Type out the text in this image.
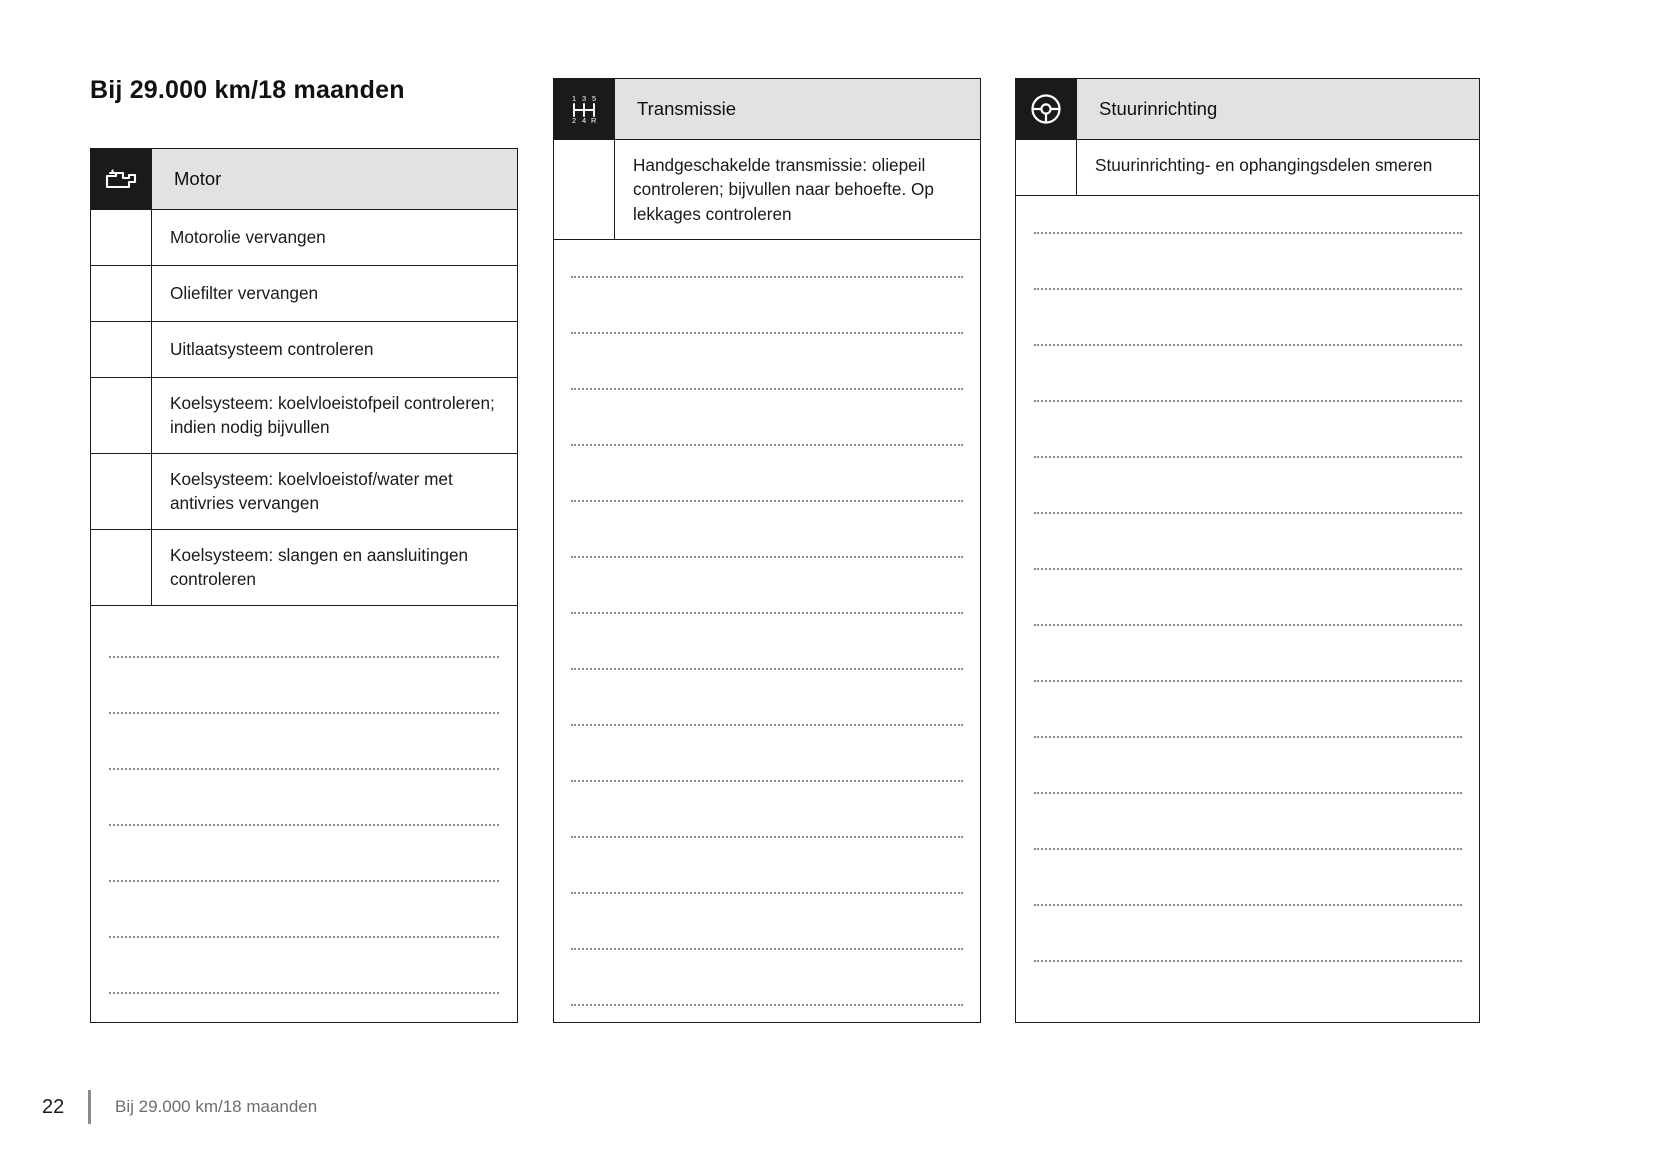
Bij 29.000 km/18 maanden
Motor
Motorolie vervangen
Oliefilter vervangen
Uitlaatsysteem controleren
Koelsysteem: koelvloeistofpeil controleren; indien nodig bijvullen
Koelsysteem: koelvloeistof/water met antivries vervangen
Koelsysteem: slangen en aansluitingen controleren
1 3 5
2 4 R
Transmissie
Handgeschakelde transmissie: oliepeil controleren; bijvullen naar behoefte. Op lekkages controleren
Stuurinrichting
Stuurinrichting- en ophangingsdelen smeren
22	Bij 29.000 km/18 maanden
